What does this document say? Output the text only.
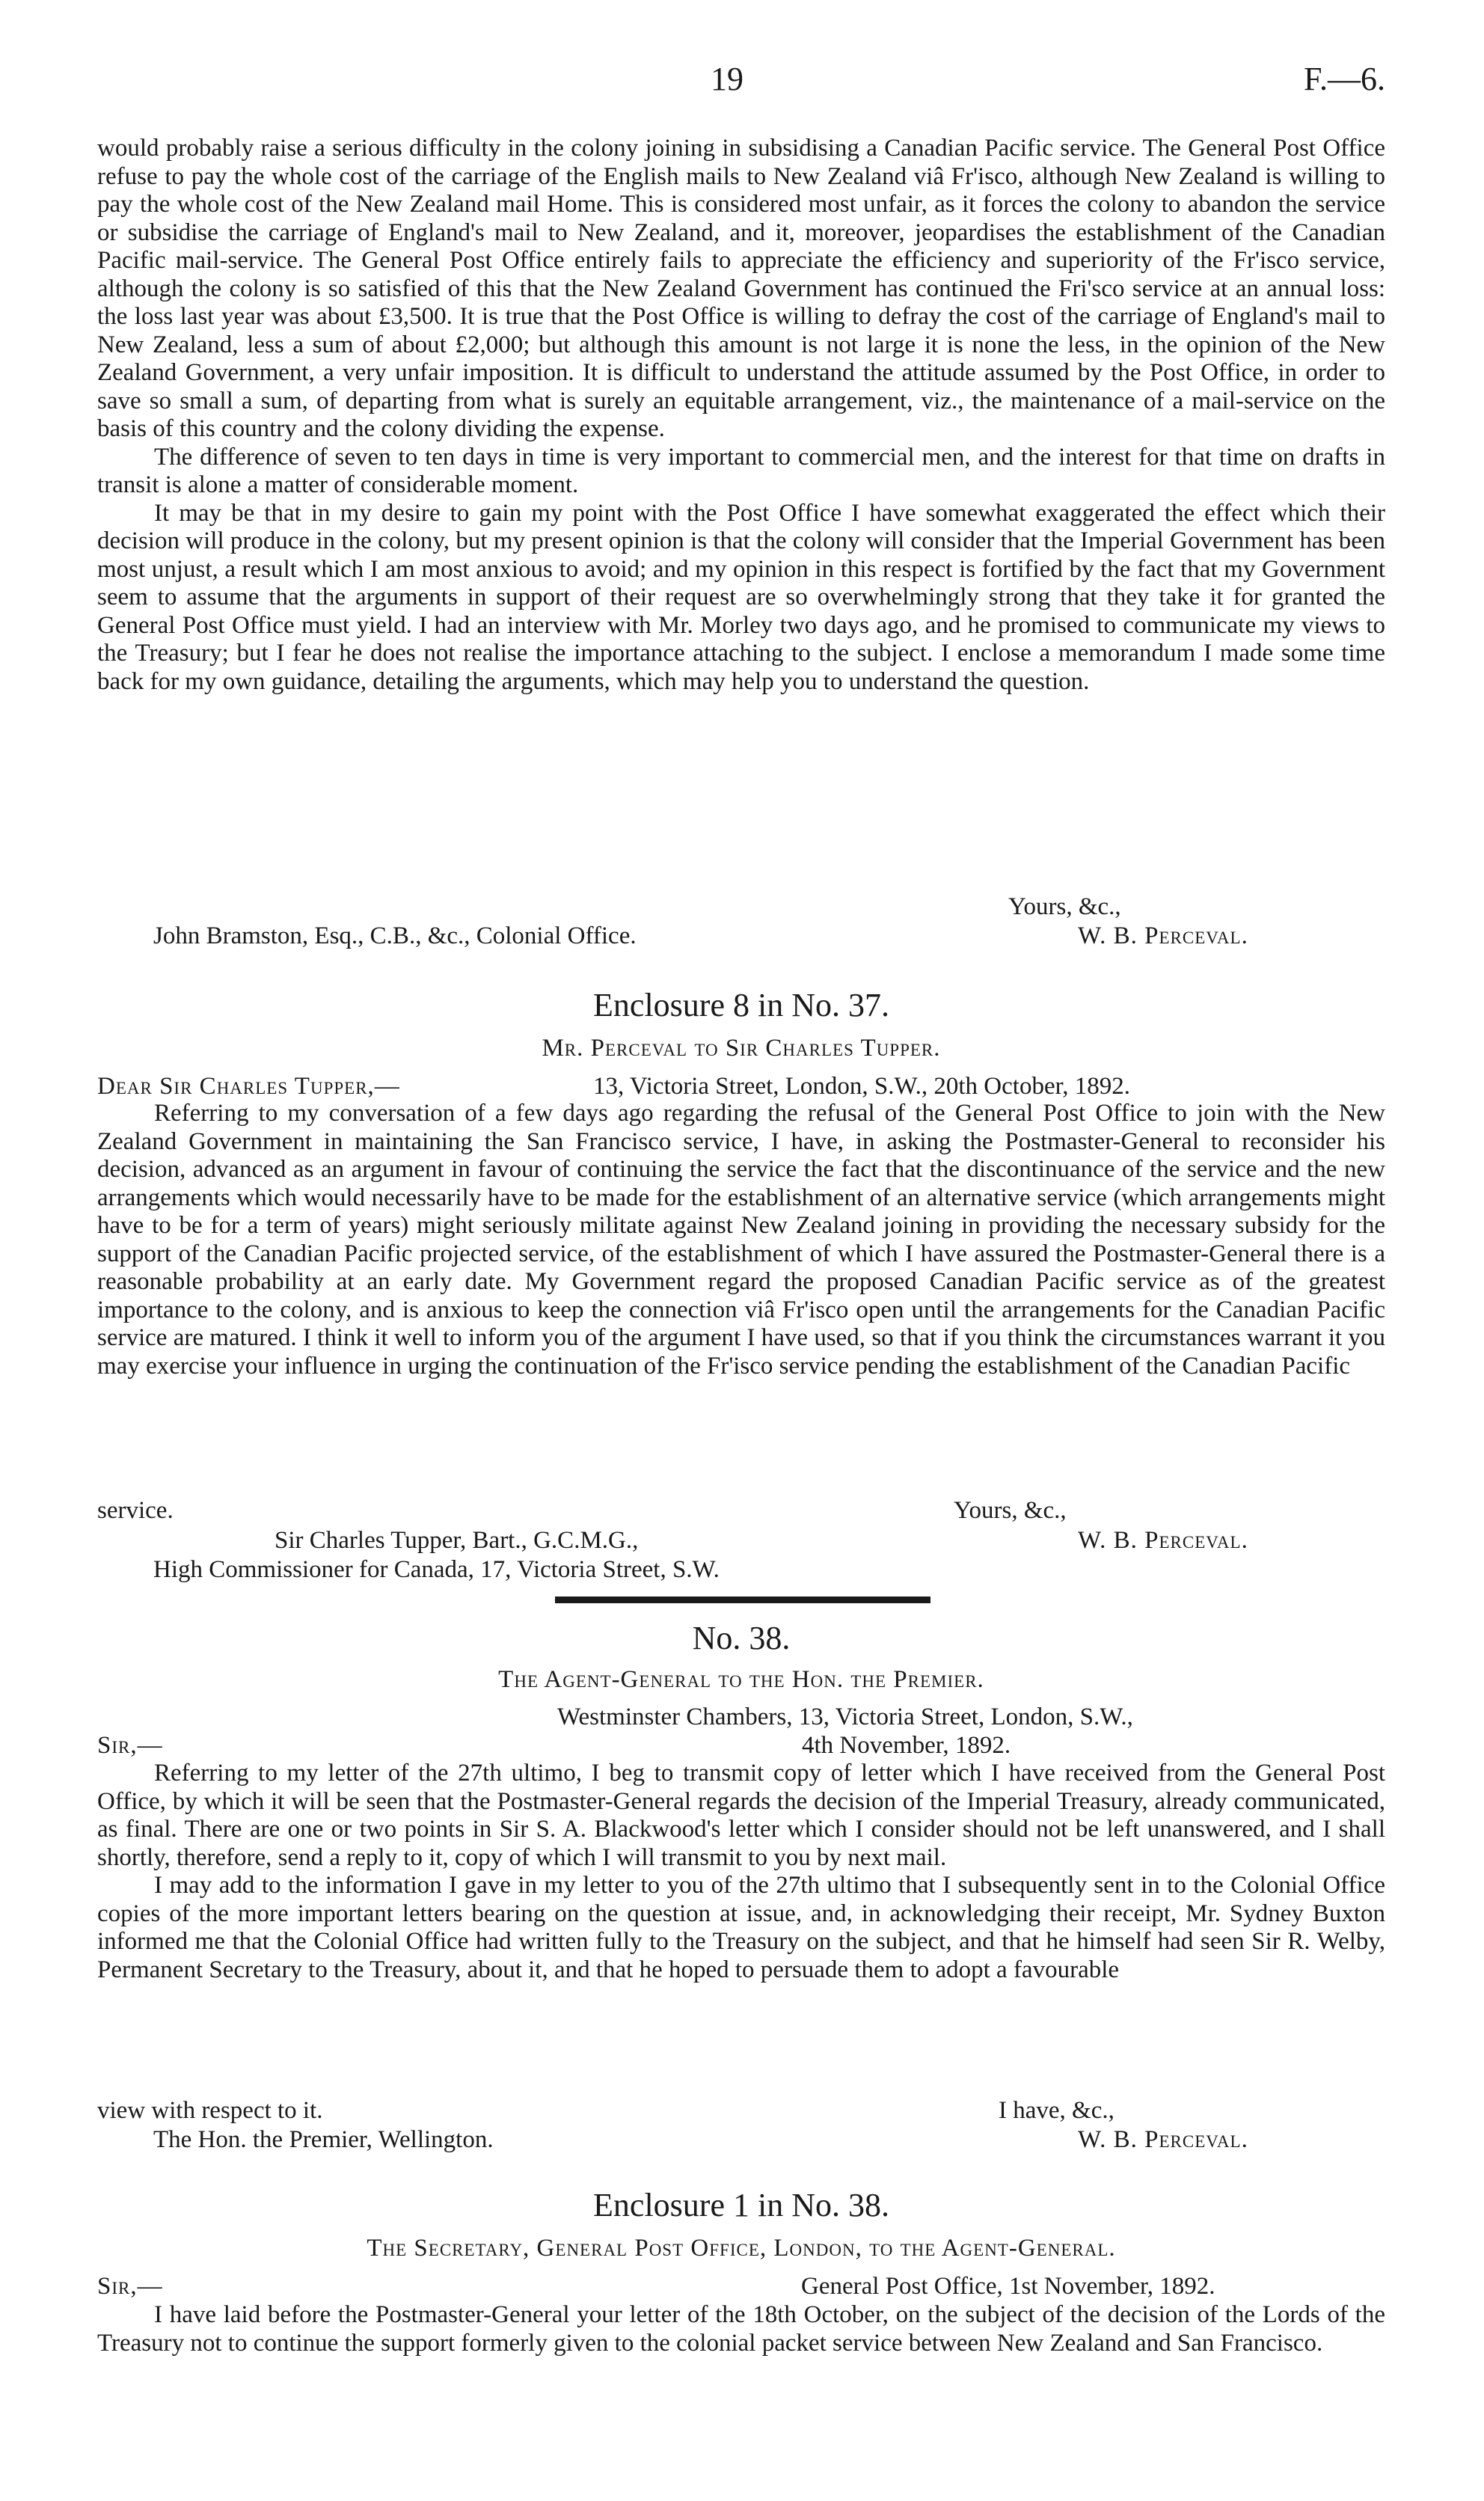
19	F.—6.

would probably raise a serious difficulty in the colony joining in subsidising a Canadian Pacific service. The General Post Office refuse to pay the whole cost of the carriage of the English mails to New Zealand viâ Fr'isco, although New Zealand is willing to pay the whole cost of the New Zealand mail Home. This is considered most unfair, as it forces the colony to abandon the service or subsidise the carriage of England's mail to New Zealand, and it, moreover, jeopardises the establishment of the Canadian Pacific mail-service. The General Post Office entirely fails to appreciate the efficiency and superiority of the Fr'isco service, although the colony is so satisfied of this that the New Zealand Government has continued the Fri'sco service at an annual loss: the loss last year was about £3,500. It is true that the Post Office is willing to defray the cost of the carriage of England's mail to New Zealand, less a sum of about £2,000; but although this amount is not large it is none the less, in the opinion of the New Zealand Government, a very unfair imposition. It is difficult to understand the attitude assumed by the Post Office, in order to save so small a sum, of departing from what is surely an equitable arrangement, viz., the maintenance of a mail-service on the basis of this country and the colony dividing the expense.

The difference of seven to ten days in time is very important to commercial men, and the interest for that time on drafts in transit is alone a matter of considerable moment.

It may be that in my desire to gain my point with the Post Office I have somewhat exaggerated the effect which their decision will produce in the colony, but my present opinion is that the colony will consider that the Imperial Government has been most unjust, a result which I am most anxious to avoid; and my opinion in this respect is fortified by the fact that my Government seem to assume that the arguments in support of their request are so overwhelmingly strong that they take it for granted the General Post Office must yield. I had an interview with Mr. Morley two days ago, and he promised to communicate my views to the Treasury; but I fear he does not realise the importance attaching to the subject. I enclose a memorandum I made some time back for my own guidance, detailing the arguments, which may help you to understand the question.

Yours, &c.,
John Bramston, Esq., C.B., &c., Colonial Office.	W. B. Perceval.
Enclosure 8 in No. 37.
Mr. Perceval to Sir Charles Tupper.
Dear Sir Charles Tupper,—	13, Victoria Street, London, S.W., 20th October, 1892.

Referring to my conversation of a few days ago regarding the refusal of the General Post Office to join with the New Zealand Government in maintaining the San Francisco service, I have, in asking the Postmaster-General to reconsider his decision, advanced as an argument in favour of continuing the service the fact that the discontinuance of the service and the new arrangements which would necessarily have to be made for the establishment of an alternative service (which arrangements might have to be for a term of years) might seriously militate against New Zealand joining in providing the necessary subsidy for the support of the Canadian Pacific projected service, of the establishment of which I have assured the Postmaster-General there is a reasonable probability at an early date. My Government regard the proposed Canadian Pacific service as of the greatest importance to the colony, and is anxious to keep the connection viâ Fr'isco open until the arrangements for the Canadian Pacific service are matured. I think it well to inform you of the argument I have used, so that if you think the circumstances warrant it you may exercise your influence in urging the continuation of the Fr'isco service pending the establishment of the Canadian Pacific

service.	Yours, &c.,
Sir Charles Tupper, Bart., G.C.M.G.,	W. B. Perceval.
High Commissioner for Canada, 17, Victoria Street, S.W.
No. 38.
The Agent-General to the Hon. the Premier.
Westminster Chambers, 13, Victoria Street, London, S.W.,
Sir,—	4th November, 1892.

Referring to my letter of the 27th ultimo, I beg to transmit copy of letter which I have received from the General Post Office, by which it will be seen that the Postmaster-General regards the decision of the Imperial Treasury, already communicated, as final. There are one or two points in Sir S. A. Blackwood's letter which I consider should not be left unanswered, and I shall shortly, therefore, send a reply to it, copy of which I will transmit to you by next mail.

I may add to the information I gave in my letter to you of the 27th ultimo that I subsequently sent in to the Colonial Office copies of the more important letters bearing on the question at issue, and, in acknowledging their receipt, Mr. Sydney Buxton informed me that the Colonial Office had written fully to the Treasury on the subject, and that he himself had seen Sir R. Welby, Permanent Secretary to the Treasury, about it, and that he hoped to persuade them to adopt a favourable

view with respect to it.	I have, &c.,
The Hon. the Premier, Wellington.	W. B. Perceval.
Enclosure 1 in No. 38.
The Secretary, General Post Office, London, to the Agent-General.
Sir,—	General Post Office, 1st November, 1892.

I have laid before the Postmaster-General your letter of the 18th October, on the subject of the decision of the Lords of the Treasury not to continue the support formerly given to the colonial packet service between New Zealand and San Francisco.
